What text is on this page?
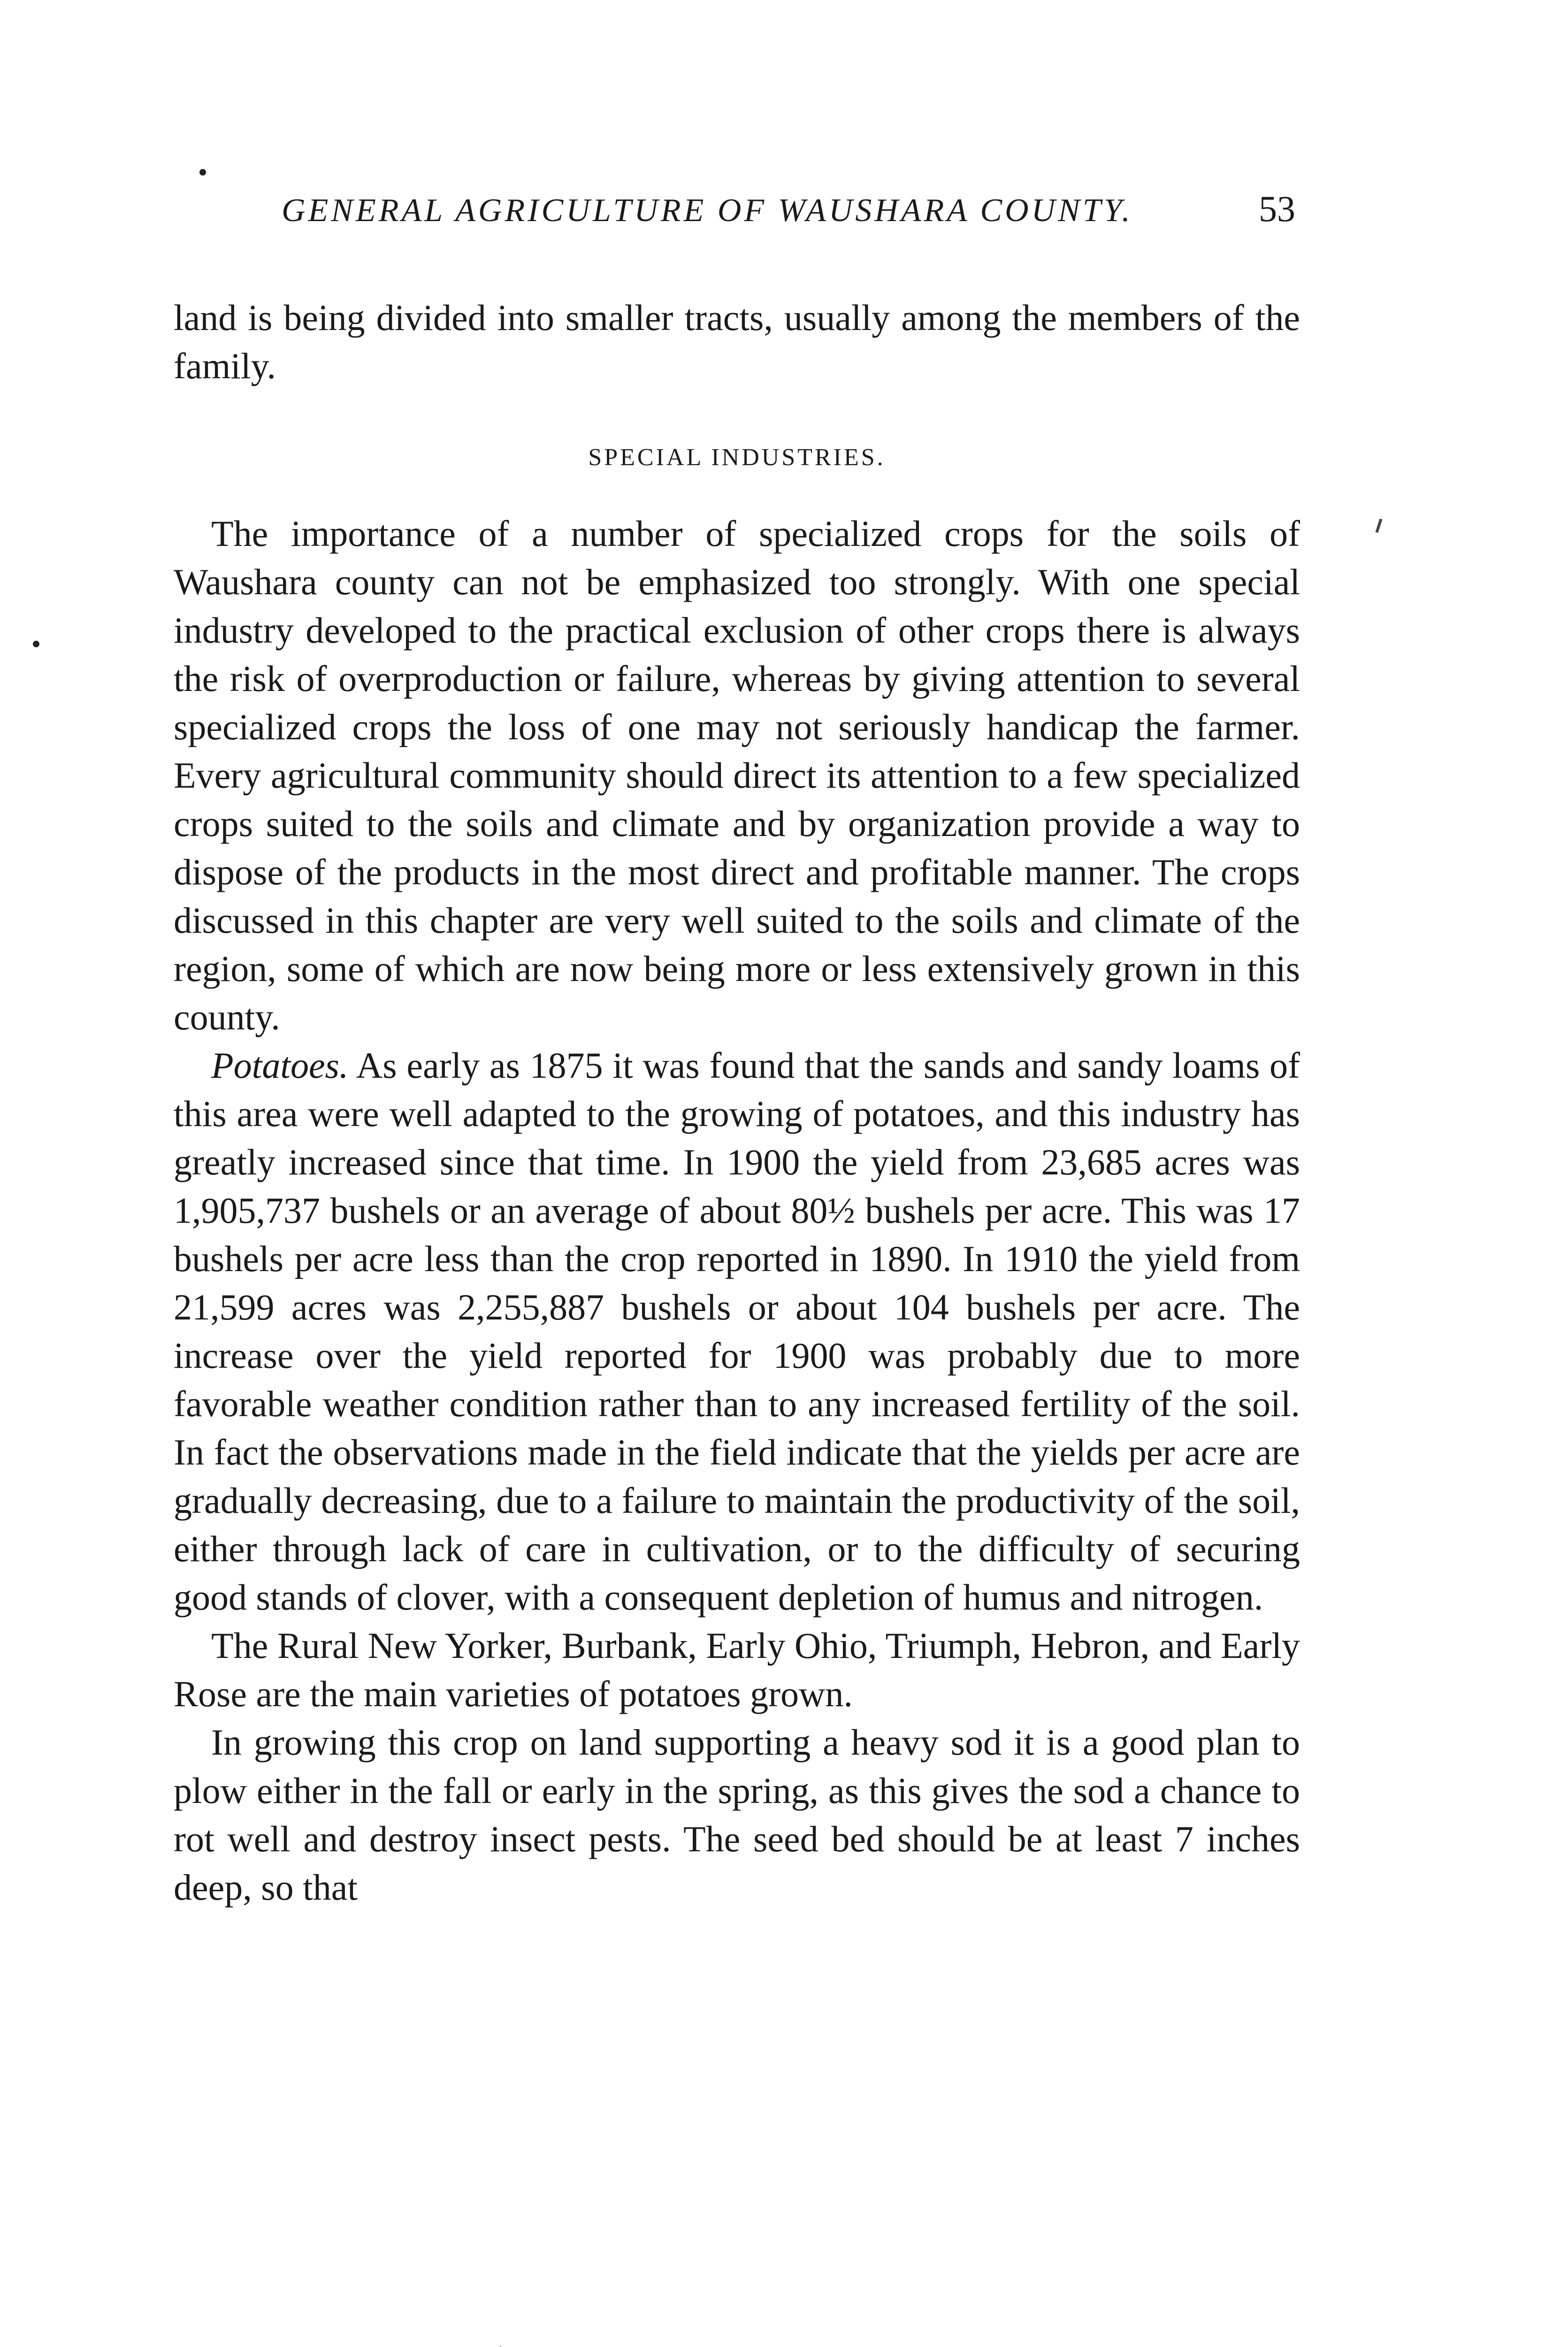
GENERAL AGRICULTURE OF WAUSHARA COUNTY.	53

land is being divided into smaller tracts, usually among the members of the family.

SPECIAL INDUSTRIES.

The importance of a number of specialized crops for the soils of Waushara county can not be emphasized too strongly. With one special industry developed to the practical exclusion of other crops there is always the risk of overproduction or failure, whereas by giving attention to several specialized crops the loss of one may not seriously handicap the farmer. Every agricultural community should direct its attention to a few specialized crops suited to the soils and climate and by organization provide a way to dispose of the products in the most direct and profitable manner. The crops discussed in this chapter are very well suited to the soils and climate of the region, some of which are now being more or less extensively grown in this county.

Potatoes. As early as 1875 it was found that the sands and sandy loams of this area were well adapted to the growing of potatoes, and this industry has greatly increased since that time. In 1900 the yield from 23,685 acres was 1,905,737 bushels or an average of about 80½ bushels per acre. This was 17 bushels per acre less than the crop reported in 1890. In 1910 the yield from 21,599 acres was 2,255,887 bushels or about 104 bushels per acre. The increase over the yield reported for 1900 was probably due to more favorable weather condition rather than to any increased fertility of the soil. In fact the observations made in the field indicate that the yields per acre are gradually decreasing, due to a failure to maintain the productivity of the soil, either through lack of care in cultivation, or to the difficulty of securing good stands of clover, with a consequent depletion of humus and nitrogen.

The Rural New Yorker, Burbank, Early Ohio, Triumph, Hebron, and Early Rose are the main varieties of potatoes grown.

In growing this crop on land supporting a heavy sod it is a good plan to plow either in the fall or early in the spring, as this gives the sod a chance to rot well and destroy insect pests. The seed bed should be at least 7 inches deep, so that
